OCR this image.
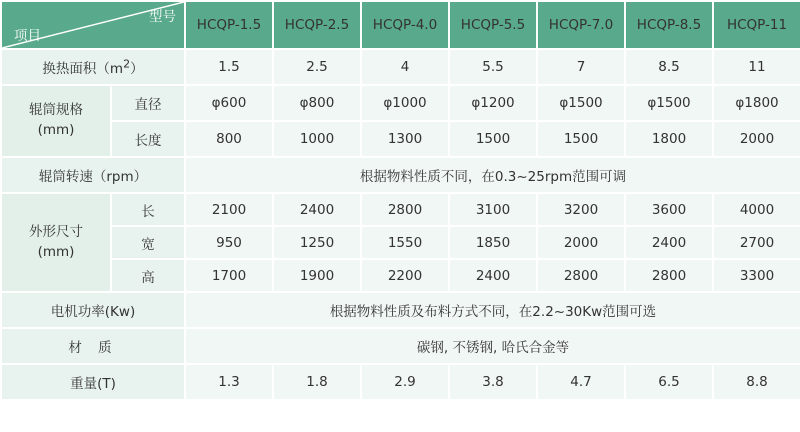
型号
项目		HCQP-1.5	HCQP-2.5	HCQP-4.0	HCQP-5.5	HCQP-7.0	HCQP-8.5	HCQP-11
换热面积$(m^2)$		1.5	2.5	4	5.5	7	8.5	11

辊筒规格
(mm)	直径	φ600	φ800	φ1000	φ1200	φ1500	φ1500	φ1800
	长度	800	1000	1300	1500	1500	1800	2000
辊筒转速（rpm）		根据物料性质不同，在0.3~25rpm范围可调						

外形尺寸
(mm)	长	2100	2400	2800	3100	3200	3600	4000
	宽	950	1250	1550	1850	2000	2400	2700
	高	1700	1900	2200	2400	2800	2800	3300
电机功率(Kw)		根据物料性质及布料方式不同，在2.2~30Kw范围可选						
材 质		碳钢, 不锈钢, 哈氏合金等						
重量(T)		1.3	1.8	2.9	3.8	4.7	6.5	8.8
